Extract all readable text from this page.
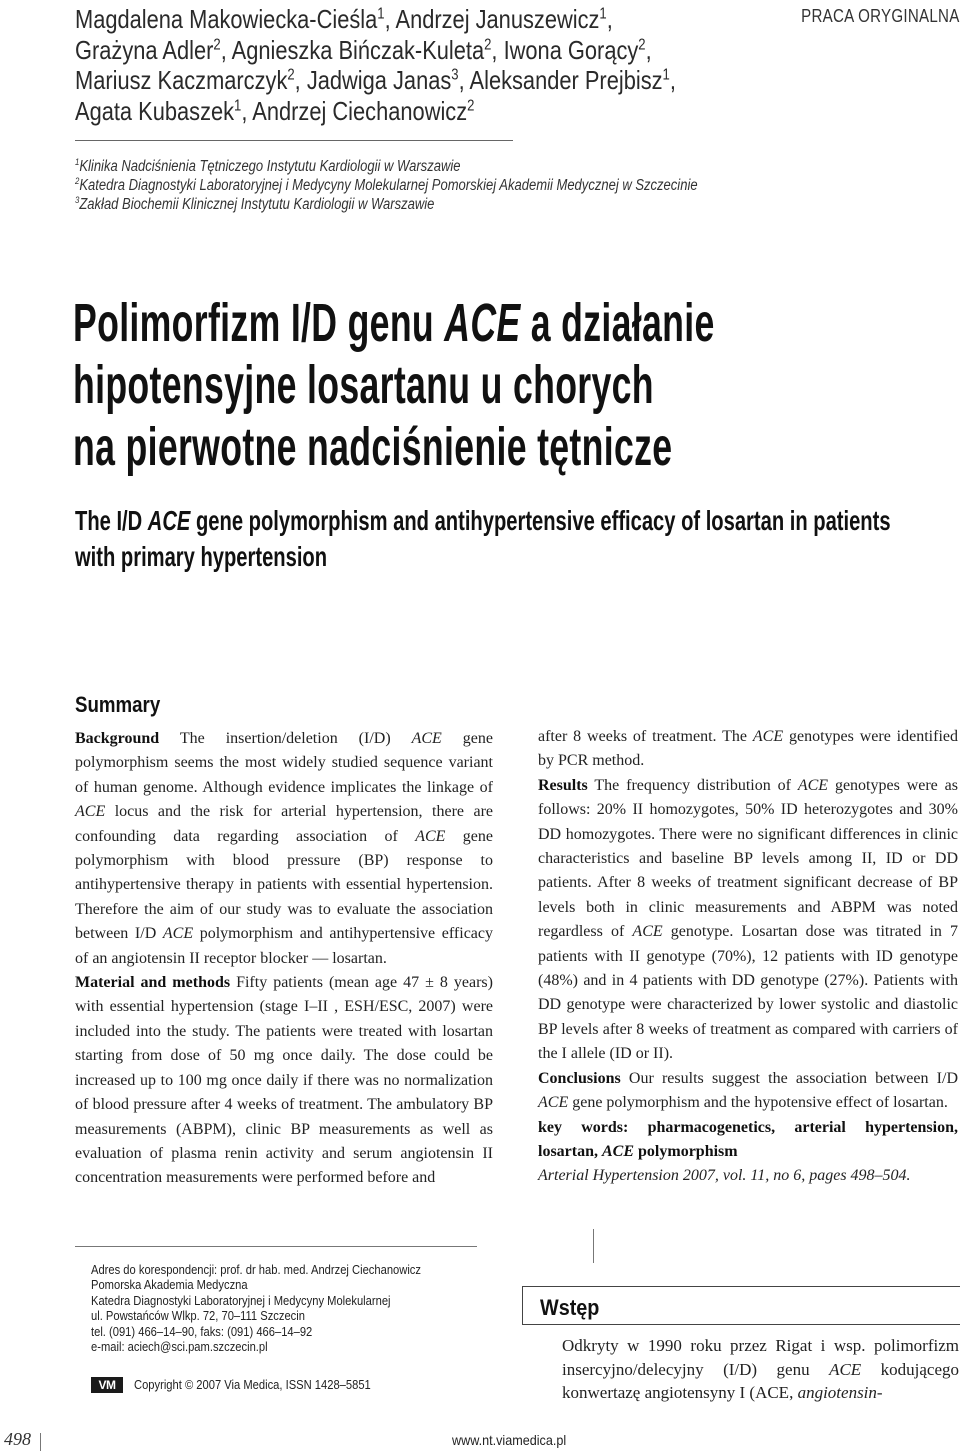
PRACA ORYGINALNA
Magdalena Makowiecka-Cieśla$^1$, Andrzej Januszewicz$^1$,
Grażyna Adler$^2$, Agnieszka Bińczak-Kuleta$^2$, Iwona Gorący$^2$,
Mariusz Kaczmarczyk$^2$, Jadwiga Janas$^3$, Aleksander Prejbisz$^1$,
Agata Kubaszek$^1$, Andrzej Ciechanowicz$^2$
$^1$Klinika Nadciśnienia Tętniczego Instytutu Kardiologii w Warszawie
$^2$Katedra Diagnostyki Laboratoryjnej i Medycyny Molekularnej Pomorskiej Akademii Medycznej w Szczecinie
$^3$Zakład Biochemii Klinicznej Instytutu Kardiologii w Warszawie
Polimorfizm I/D genu ACE a działanie
hipotensyjne losartanu u chorych
na pierwotne nadciśnienie tętnicze
The I/D ACE gene polymorphism and antihypertensive efficacy of losartan in patients
with primary hypertension
Summary
Background The insertion/deletion (I/D) ACE gene polymorphism seems the most widely studied sequence variant of human genome. Although evidence implicates the linkage of ACE locus and the risk for arterial hypertension, there are confounding data regarding association of ACE gene polymorphism with blood pressure (BP) response to antihypertensive therapy in patients with essential hypertension. Therefore the aim of our study was to evaluate the association between I/D ACE polymorphism and antihypertensive efficacy of an angiotensin II receptor blocker — losartan.
Material and methods Fifty patients (mean age 47 ± 8 years) with essential hypertension (stage I–II , ESH/ESC, 2007) were included into the study. The patients were treated with losartan starting from dose of 50 mg once daily. The dose could be increased up to 100 mg once daily if there was no normalization of blood pressure after 4 weeks of treatment. The ambulatory BP measurements (ABPM), clinic BP measurements as well as evaluation of plasma renin activity and serum angiotensin II concentration measurements were performed before and
after 8 weeks of treatment. The ACE genotypes were identified by PCR method.
Results The frequency distribution of ACE genotypes were as follows: 20% II homozygotes, 50% ID heterozygotes and 30% DD homozygotes. There were no significant differences in clinic characteristics and baseline BP levels among II, ID or DD patients. After 8 weeks of treatment significant decrease of BP levels both in clinic measurements and ABPM was noted regardless of ACE genotype. Losartan dose was titrated in 7 patients with II genotype (70%), 12 patients with ID genotype (48%) and in 4 patients with DD genotype (27%). Patients with DD genotype were characterized by lower systolic and diastolic BP levels after 8 weeks of treatment as compared with carriers of the I allele (ID or II).
Conclusions Our results suggest the association between I/D ACE gene polymorphism and the hypotensive effect of losartan.
key words: pharmacogenetics, arterial hypertension, losartan, ACE polymorphism
Arterial Hypertension 2007, vol. 11, no 6, pages 498–504.
Adres do korespondencji: prof. dr hab. med. Andrzej Ciechanowicz
Pomorska Akademia Medyczna
Katedra Diagnostyki Laboratoryjnej i Medycyny Molekularnej
ul. Powstańców Wlkp. 72, 70–111 Szczecin
tel. (091) 466–14–90, faks: (091) 466–14–92
e-mail: aciech@sci.pam.szczecin.pl
VM	Copyright © 2007 Via Medica, ISSN 1428–5851
Wstęp
Odkryty w 1990 roku przez Rigat i wsp. polimorfizm insercyjno/delecyjny (I/D) genu ACE kodującego konwertazę angiotensyny I (ACE, angiotensin-
498	www.nt.viamedica.pl
